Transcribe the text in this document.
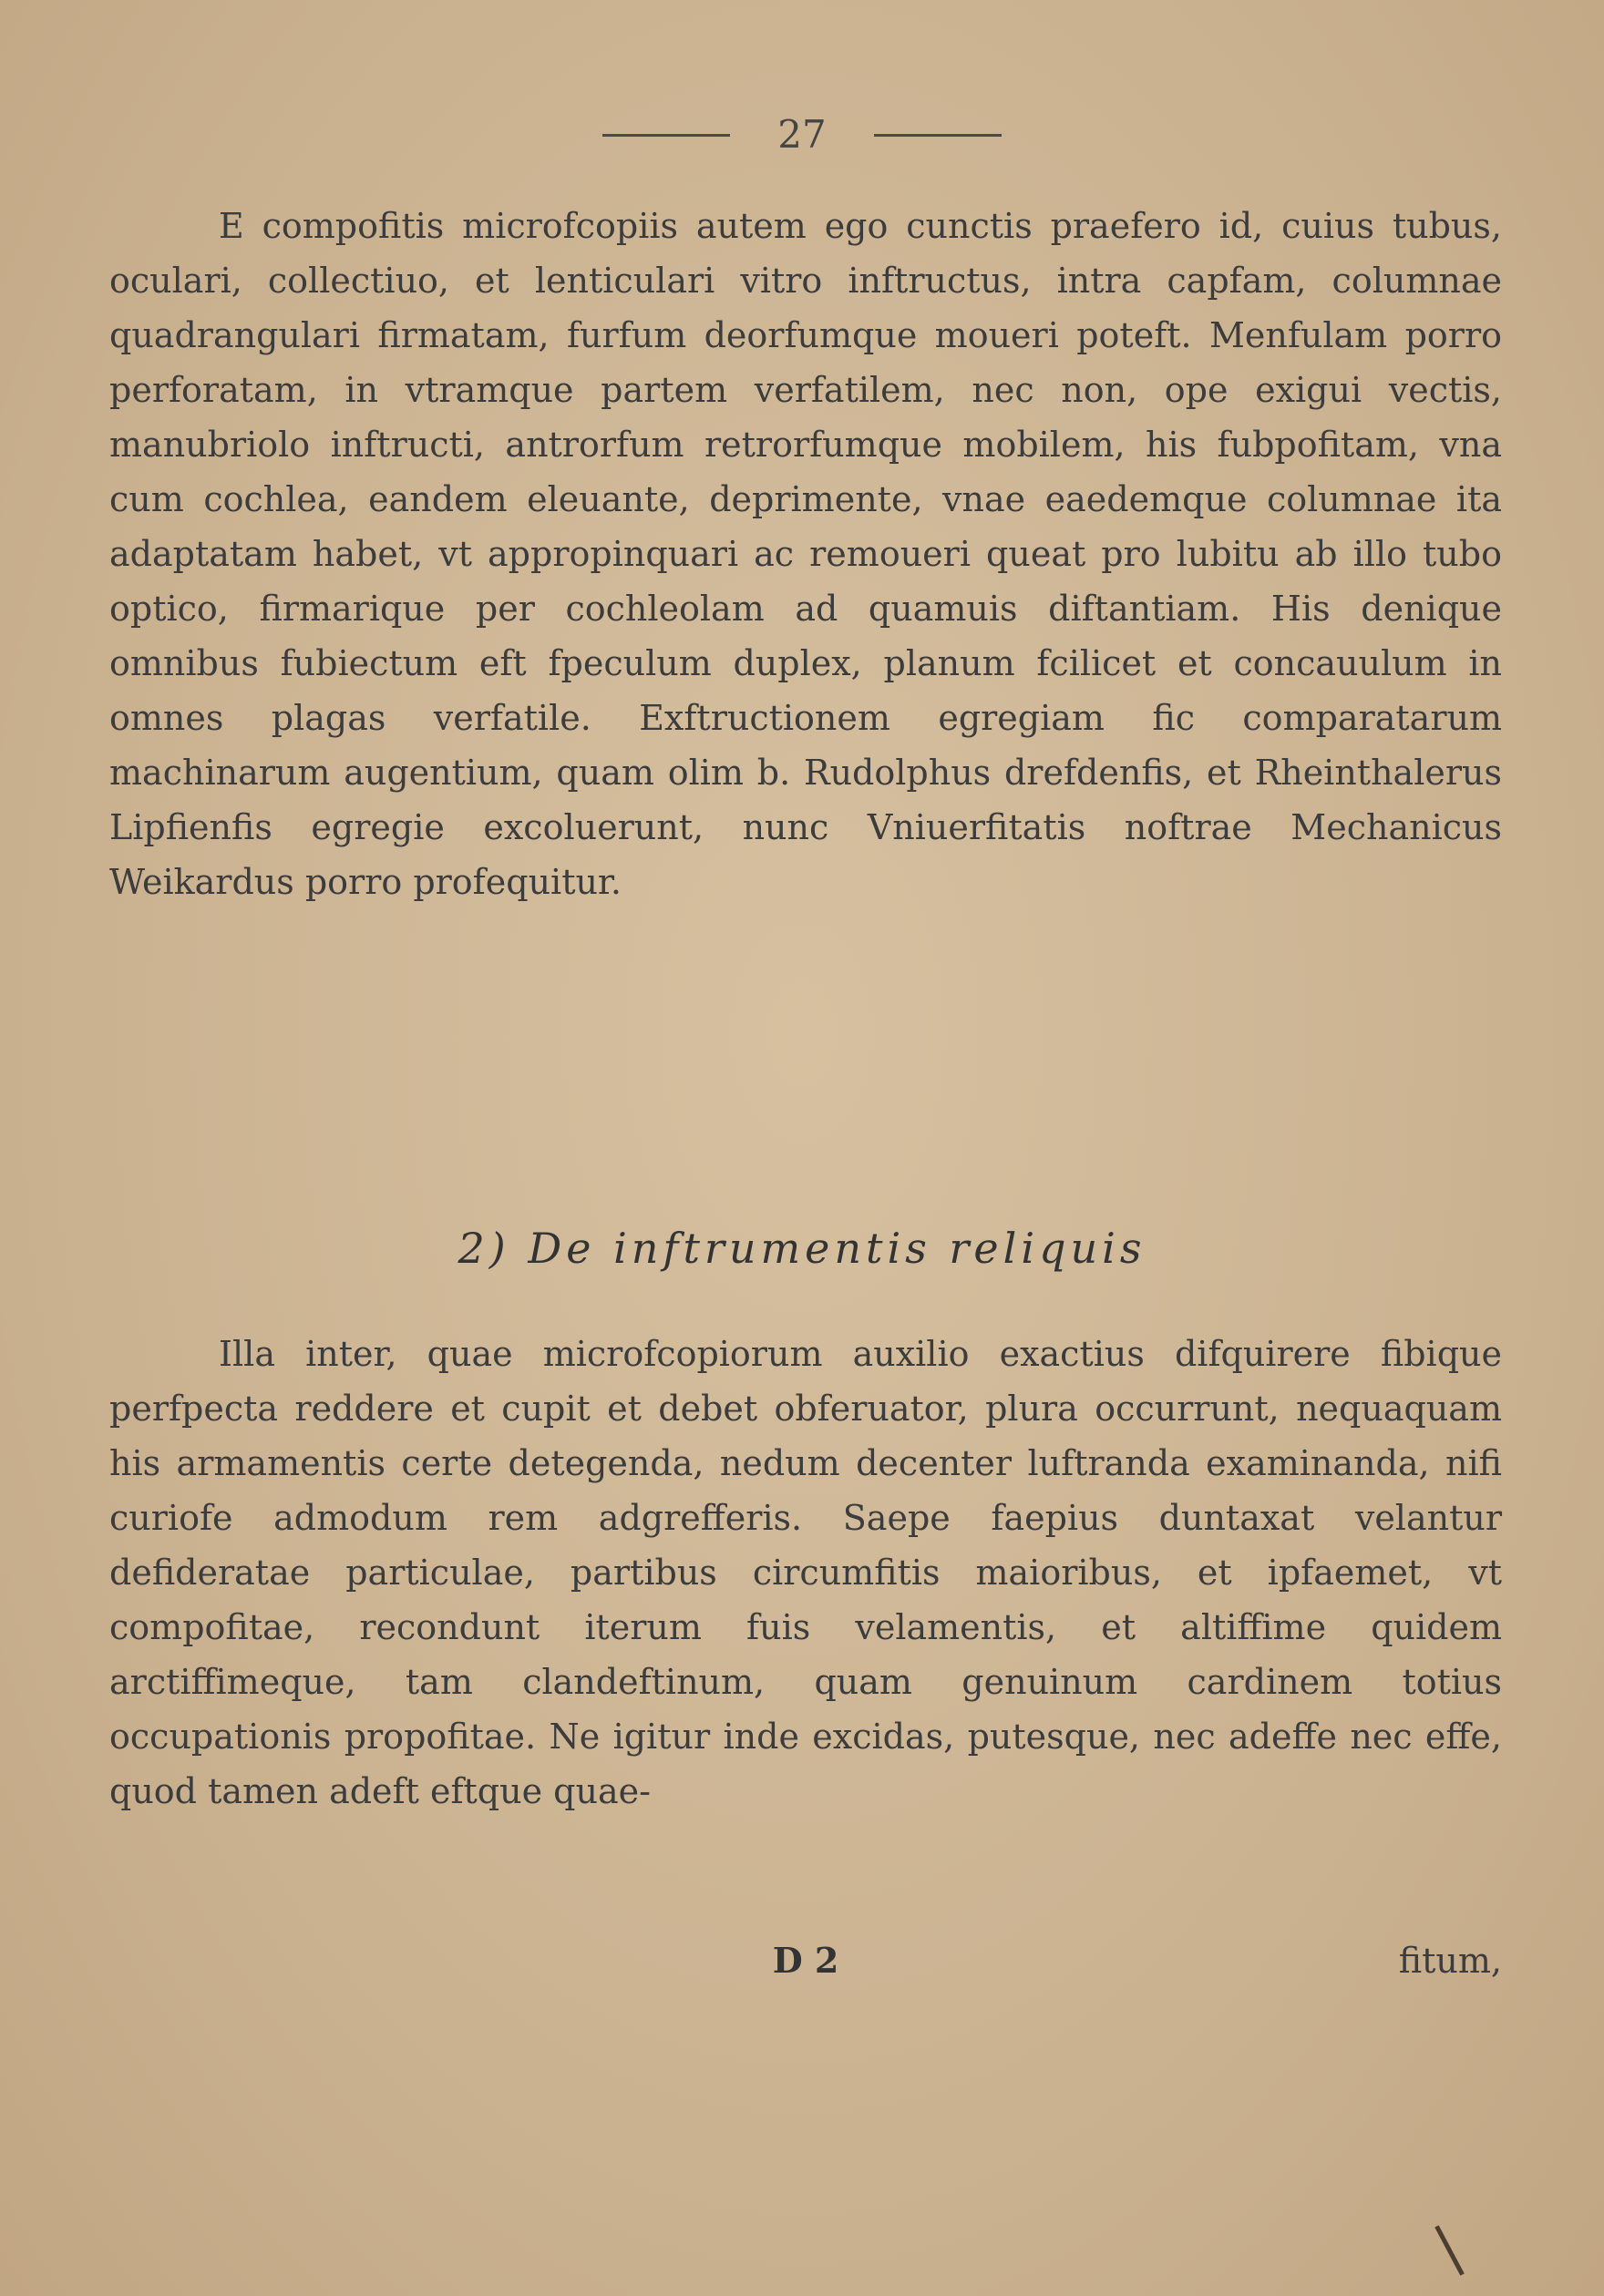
27

E compofitis microfcopiis autem ego cunctis praefero id, cuius tubus, oculari, collectiuo, et lenticulari vitro inftructus, intra capfam, columnae quadrangulari firmatam, furfum deorfumque moueri poteft. Menfulam porro perforatam, in vtramque partem verfatilem, nec non, ope exigui vectis, manubriolo inftructi, antrorfum retrorfumque mobilem, his fubpofitam, vna cum cochlea, eandem eleuante, deprimente, vnae eaedemque columnae ita adaptatam habet, vt appropinquari ac remoueri queat pro lubitu ab illo tubo optico, firmarique per cochleolam ad quamuis diftantiam. His denique omnibus fubiectum eft fpeculum duplex, planum fcilicet et concauulum in omnes plagas verfatile. Exftructionem egregiam fic comparatarum machinarum augentium, quam olim b. Rudolphus drefdenfis, et Rheinthalerus Lipfienfis egregie excoluerunt, nunc Vniuerfitatis noftrae Mechanicus Weikardus porro profequitur.

2) De inftrumentis reliquis

Illa inter, quae microfcopiorum auxilio exactius difquirere fibique perfpecta reddere et cupit et debet obferuator, plura occurrunt, nequaquam his armamentis certe detegenda, nedum decenter luftranda examinanda, nifi curiofe admodum rem adgrefferis. Saepe faepius duntaxat velantur defideratae particulae, partibus circumfitis maioribus, et ipfaemet, vt compofitae, recondunt iterum fuis velamentis, et altiffime quidem arctiffimeque, tam clandeftinum, quam genuinum cardinem totius occupationis propofitae. Ne igitur inde excidas, putesque, nec adeffe nec effe, quod tamen adeft eftque quae-

D 2	fitum,
